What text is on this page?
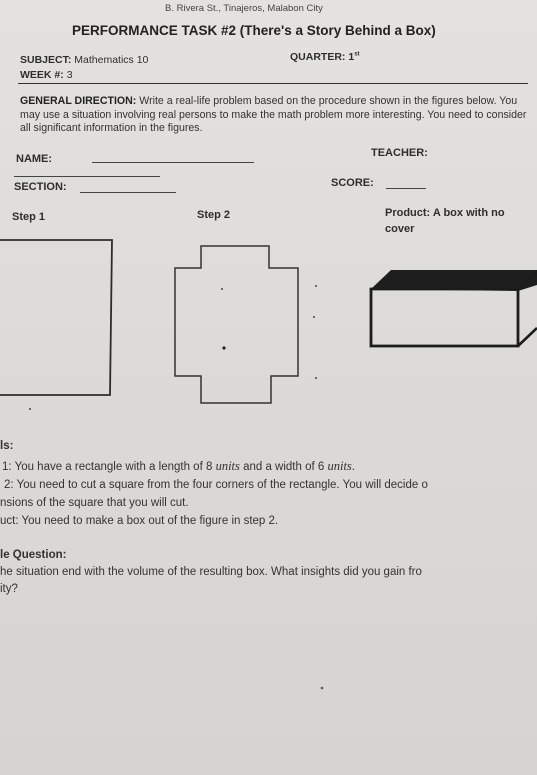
B. Rivera St., Tinajeros, Malabon City
PERFORMANCE TASK #2 (There's a Story Behind a Box)
SUBJECT: Mathematics 10	QUARTER: 1st
WEEK #: 3
GENERAL DIRECTION: Write a real-life problem based on the procedure shown in the figures below. You may use a situation involving real persons to make the math problem more interesting. You need to consider all significant information in the figures.
NAME:	TEACHER:
SECTION:	SCORE:
Step 1	Step 2	Product: A box with no
cover
ls:
1: You have a rectangle with a length of 8 units and a width of 6 units.
2: You need to cut a square from the four corners of the rectangle. You will decide o
nsions of the square that you will cut.
uct: You need to make a box out of the figure in step 2.
le Question:
he situation end with the volume of the resulting box. What insights did you gain fro
ity?
